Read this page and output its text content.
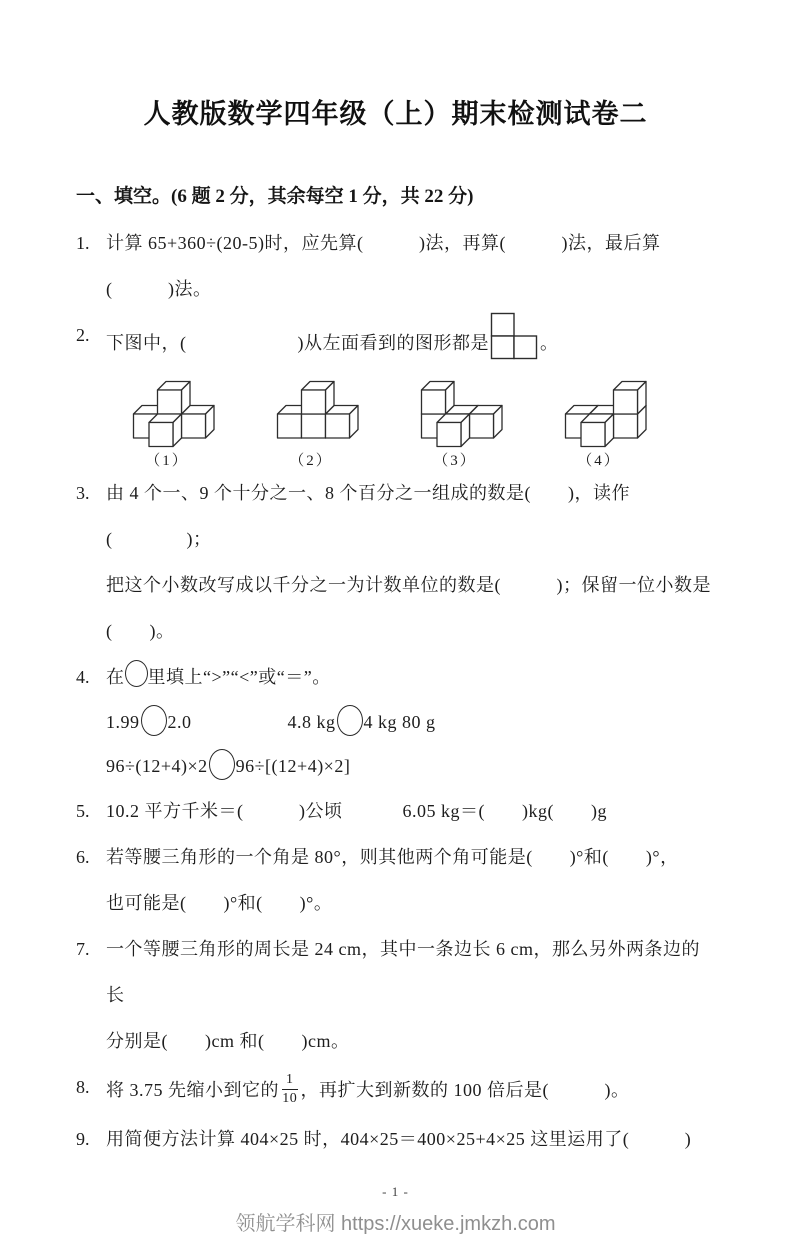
人教版数学四年级（上）期末检测试卷二
一、填空。(6 题 2 分，其余每空 1 分，共 22 分)
1. 计算 65+360÷(20-5)时，应先算(　　　)法，再算(　　　)法，最后算
(　　　)法。
2. 下图中，(　　　　　　)从左面看到的图形都是	。
（1）	（2）	（3）	（4）
3. 由 4 个一、9 个十分之一、8 个百分之一组成的数是(　　)，读作(　　　　)；
把这个小数改写成以千分之一为计数单位的数是(　　　)；保留一位小数是
(　　)。
4. 在 里填上“>”“<”或“＝”。
1.99 2.0	4.8 kg 4 kg 80 g
96÷(12+4)×2 96÷[(12+4)×2]
5. 10.2 平方千米＝(　　　)公顷	6.05 kg＝(　　)kg(　　)g
6. 若等腰三角形的一个角是 80°，则其他两个角可能是(　　)°和(　　)°，
也可能是(　　)°和(　　)°。
7. 一个等腰三角形的周长是 24 cm，其中一条边长 6 cm，那么另外两条边的长
分别是(　　)cm 和(　　)cm。
8. 将 3.75 先缩小到它的 $\frac{1}{10}$ ，再扩大到新数的 100 倍后是(　　　)。
9. 用简便方法计算 404×25 时，404×25＝400×25+4×25 这里运用了(　　　)
- 1 -
领航学科网 https://xueke.jmkzh.com
